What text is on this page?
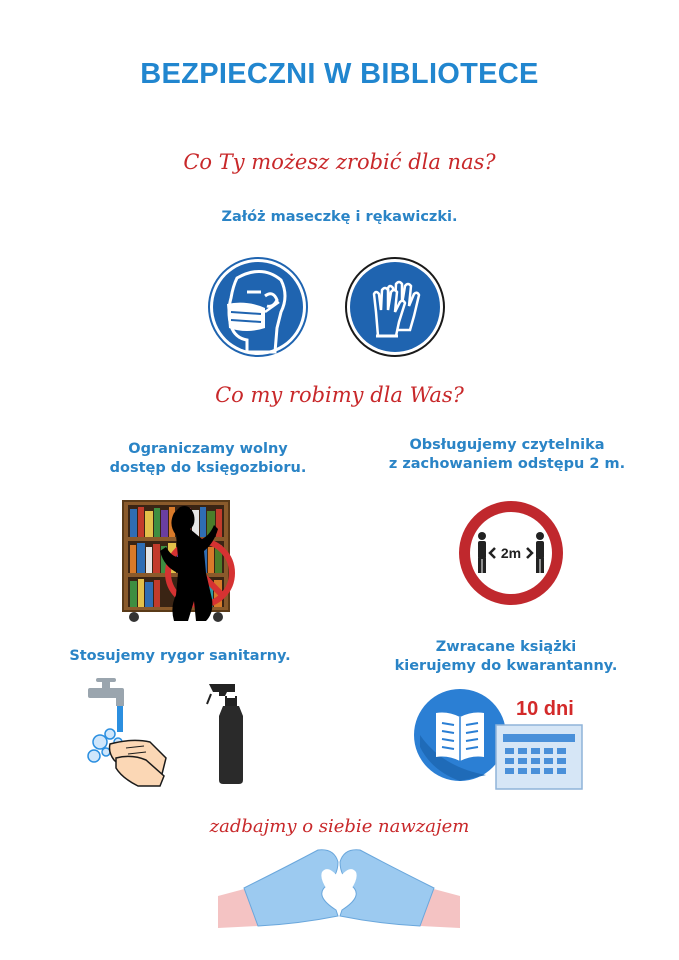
BEZPIECZNI W BIBLIOTECE
Co Ty możesz zrobić dla nas?
Załóż maseczkę i rękawiczki.
Co my robimy dla Was?
Ograniczamy wolny
dostęp do księgozbioru.
Obsługujemy czytelnika
z zachowaniem odstępu 2 m.
2m
Stosujemy rygor sanitarny.
Zwracane książki
kierujemy do kwarantanny.
10 dni
zadbajmy o siebie nawzajem
